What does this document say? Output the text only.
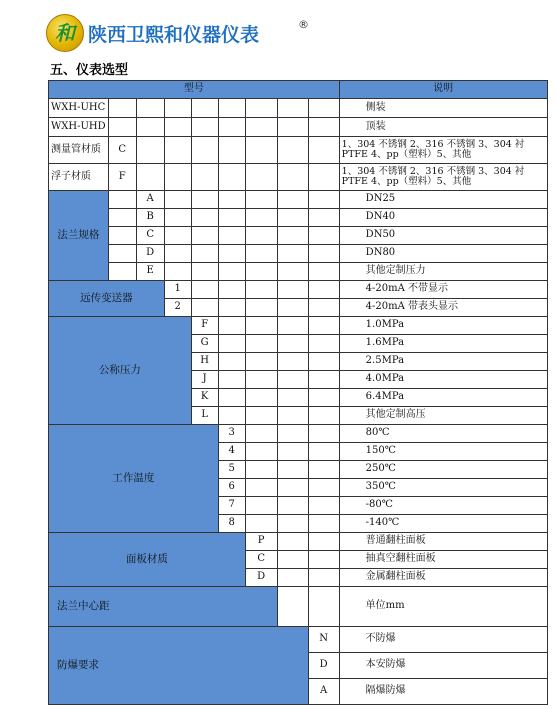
和 陕西卫熙和仪器仪表	®
五、仪表选型
型号									说明
WXH-UHC									侧装
WXH-UHD									顶装
测量管材质	C								1、304 不锈钢 2、316 不锈钢 3、304 衬 PTFE 4、pp（塑料）5、其他
浮子材质	F								1、304 不锈钢 2、316 不锈钢 3、304 衬 PTFE 4、pp（塑料）5、其他
法兰规格		A							DN25
		B							DN40
		C							DN50
		D							DN80
		E							其他定制压力
远传变送器			1						4-20mA 不带显示
			2						4-20mA 带表头显示
公称压力				F					1.0MPa
				G					1.6MPa
				H					2.5MPa
				J					4.0MPa
				K					6.4MPa
				L					其他定制高压
工作温度					3				80℃
					4				150℃
					5				250℃
					6				350℃
					7				-80℃
					8				-140℃
面板材质						P			普通翻柱面板
						C			抽真空翻柱面板
						D			金属翻柱面板
法兰中心距									单位mm
防爆要求								N	不防爆
								D	本安防爆
								A	隔爆防爆
